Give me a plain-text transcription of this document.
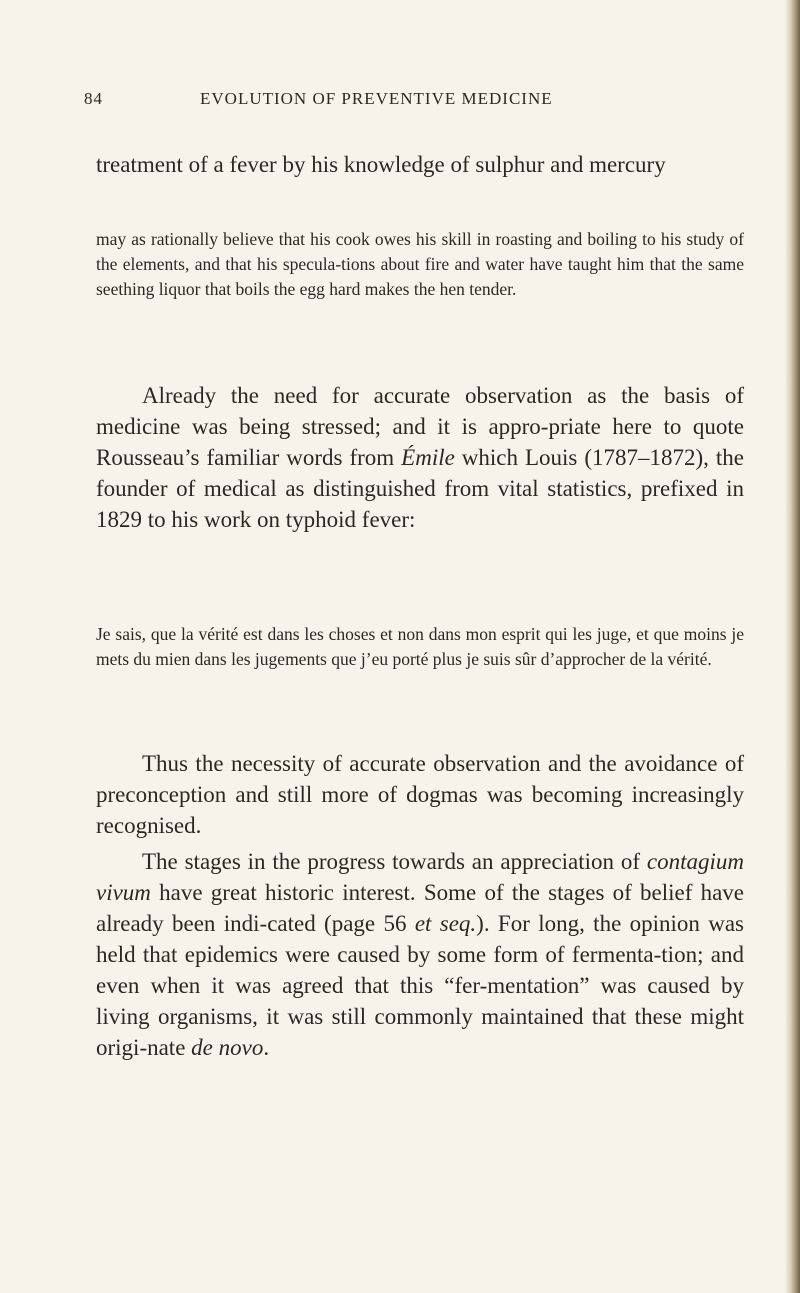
84	EVOLUTION OF PREVENTIVE MEDICINE

treatment of a fever by his knowledge of sulphur and mercury

may as rationally believe that his cook owes his skill in roasting and boiling to his study of the elements, and that his specula-tions about fire and water have taught him that the same seething liquor that boils the egg hard makes the hen tender.

Already the need for accurate observation as the basis of medicine was being stressed; and it is appro-priate here to quote Rousseau’s familiar words from Émile which Louis (1787–1872), the founder of medical as distinguished from vital statistics, prefixed in 1829 to his work on typhoid fever:

Je sais, que la vérité est dans les choses et non dans mon esprit qui les juge, et que moins je mets du mien dans les jugements que j’eu porté plus je suis sûr d’approcher de la vérité.

Thus the necessity of accurate observation and the avoidance of preconception and still more of dogmas was becoming increasingly recognised.

The stages in the progress towards an appreciation of contagium vivum have great historic interest. Some of the stages of belief have already been indi-cated (page 56 et seq.). For long, the opinion was held that epidemics were caused by some form of fermenta-tion; and even when it was agreed that this “fer-mentation” was caused by living organisms, it was still commonly maintained that these might origi-nate de novo.
